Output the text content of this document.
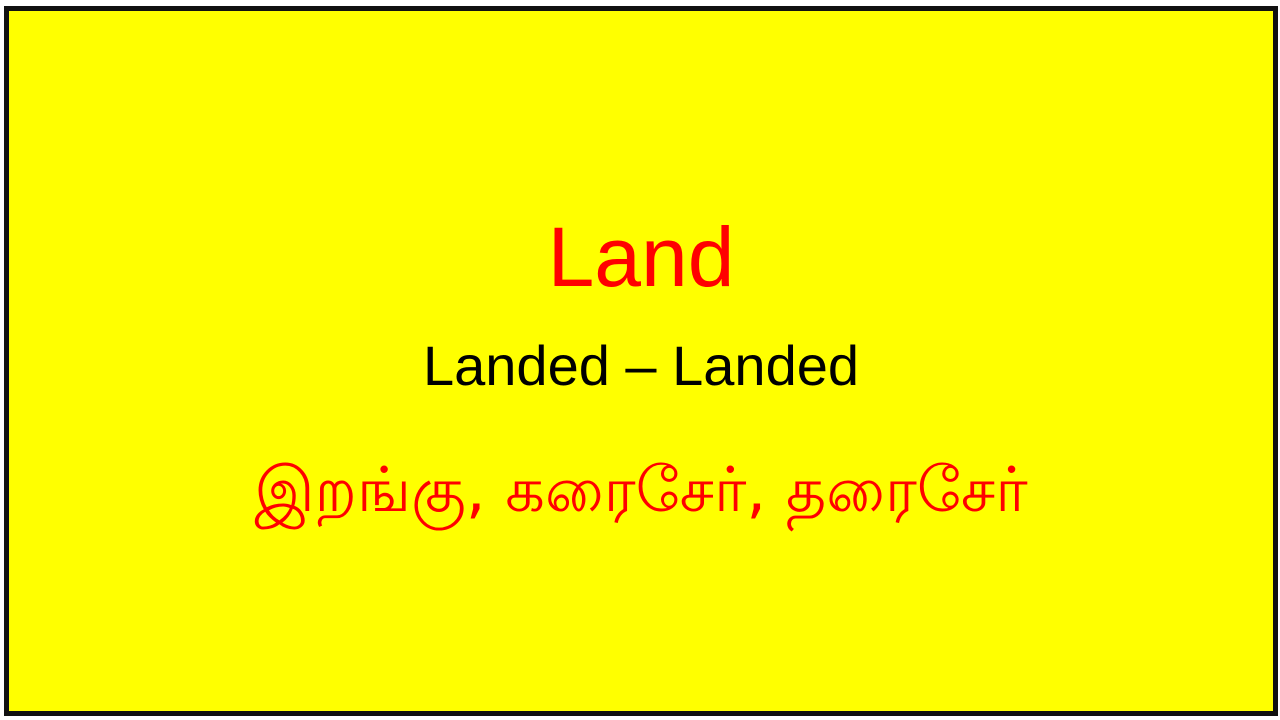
Land
Landed – Landed
இறங்கு, கரைசேர், தரைசேர்
